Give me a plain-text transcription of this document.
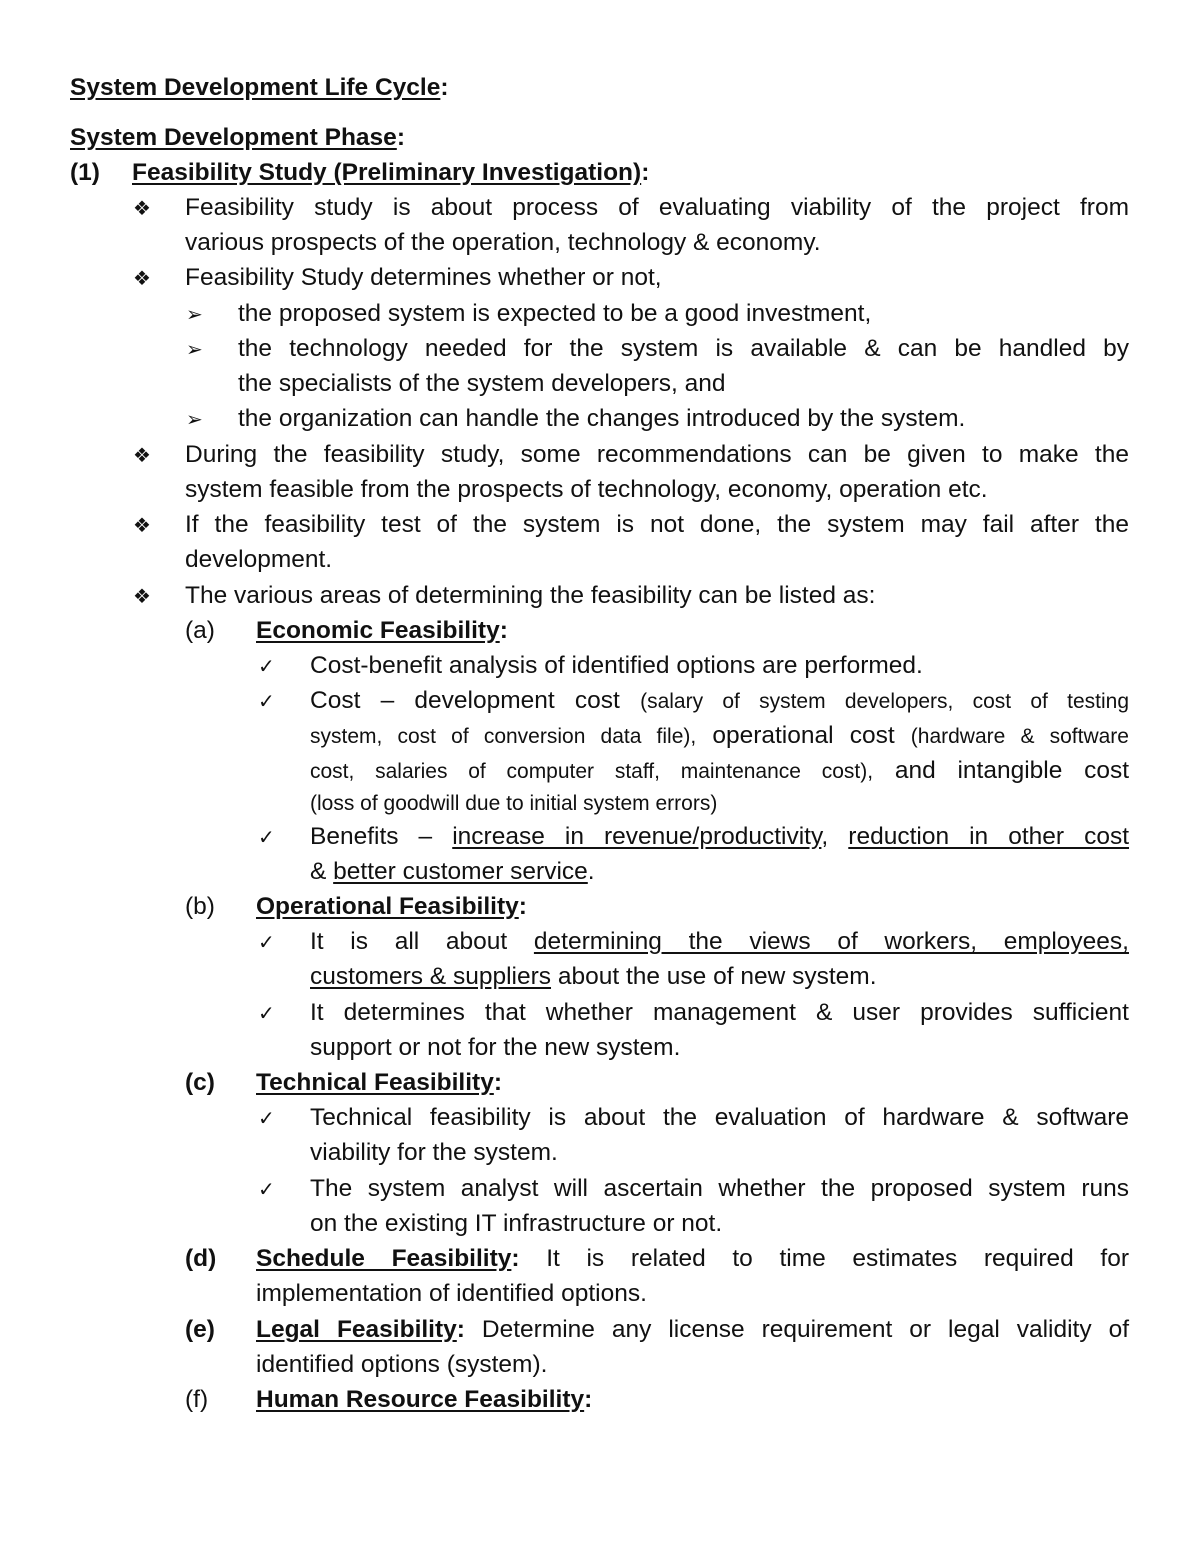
System Development Life Cycle:
System Development Phase:
(1) Feasibility Study (Preliminary Investigation):
❖ Feasibility study is about process of evaluating viability of the project from
various prospects of the operation, technology & economy.
❖ Feasibility Study determines whether or not,
➢ the proposed system is expected to be a good investment,
➢ the technology needed for the system is available & can be handled by
the specialists of the system developers, and
➢ the organization can handle the changes introduced by the system.
❖ During the feasibility study, some recommendations can be given to make the
system feasible from the prospects of technology, economy, operation etc.
❖ If the feasibility test of the system is not done, the system may fail after the
development.
❖ The various areas of determining the feasibility can be listed as:
(a) Economic Feasibility:
✓ Cost-benefit analysis of identified options are performed.
✓ Cost – development cost (salary of system developers, cost of testing
system, cost of conversion data file), operational cost (hardware & software
cost, salaries of computer staff, maintenance cost), and intangible cost
(loss of goodwill due to initial system errors)
✓ Benefits – increase in revenue/productivity, reduction in other cost
& better customer service.
(b) Operational Feasibility:
✓ It is all about determining the views of workers, employees,
customers & suppliers about the use of new system.
✓ It determines that whether management & user provides sufficient
support or not for the new system.
(c) Technical Feasibility:
✓ Technical feasibility is about the evaluation of hardware & software
viability for the system.
✓ The system analyst will ascertain whether the proposed system runs
on the existing IT infrastructure or not.
(d) Schedule Feasibility: It is related to time estimates required for
implementation of identified options.
(e) Legal Feasibility: Determine any license requirement or legal validity of
identified options (system).
(f) Human Resource Feasibility:
